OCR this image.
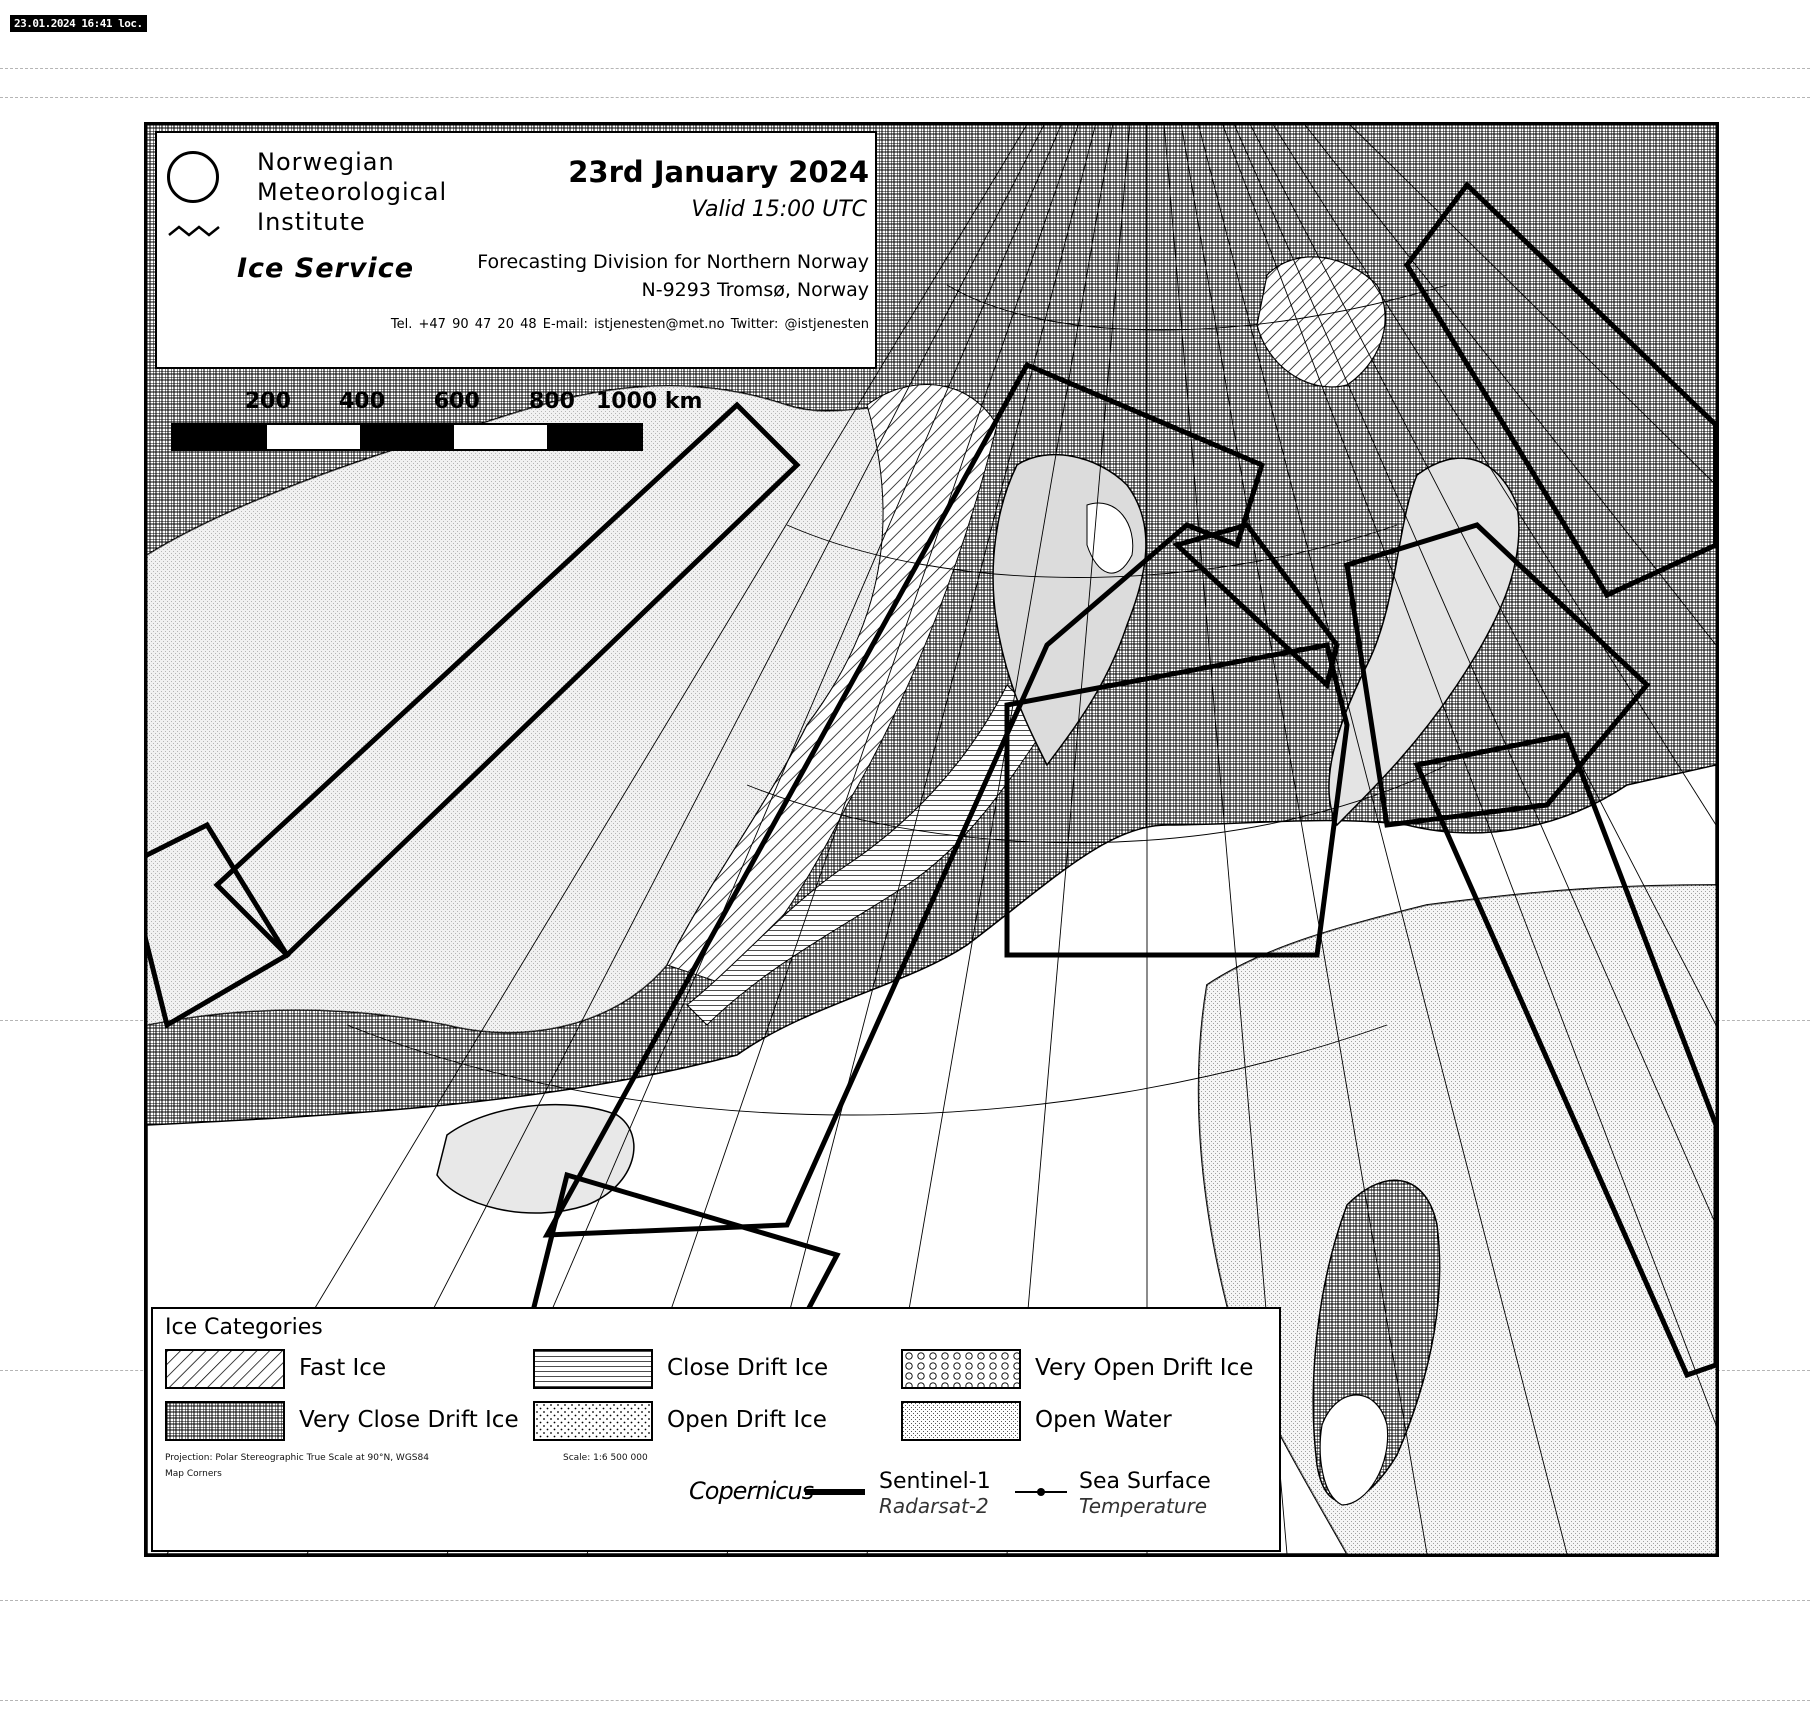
23.01.2024 16:41 loc.
Norwegian
Meteorological
Institute
Ice Service
23rd January 2024
Valid 15:00 UTC
Forecasting Division for Northern Norway
N-9293 Tromsø, Norway
Tel. +47 90 47 20 48 E-mail: istjenesten@met.no Twitter: @istjenesten
200 400 600 800 1000 km
Ice Categories
Fast Ice	Close Drift Ice	Very Open Drift Ice
Very Close Drift Ice	Open Drift Ice	Open Water
Projection: Polar Stereographic True Scale at 90°N, WGS84	Scale: 1:6 500 000
Map Corners
Copernicus	Sentinel-1
Radarsat-2
Sea Surface
Temperature
